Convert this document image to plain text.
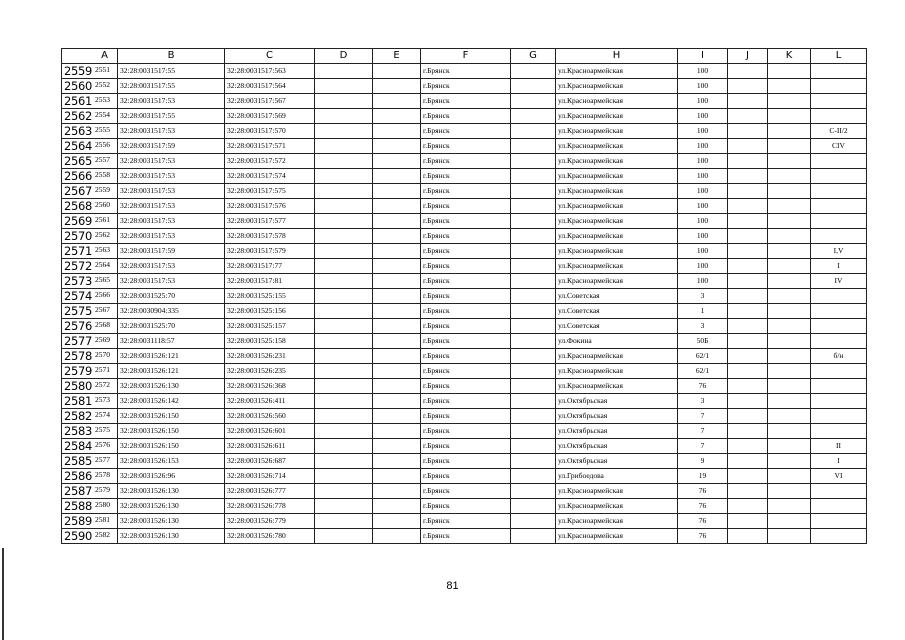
A	B	C	D	E	F	G	H	I	J	K	L
2559 2551	32:28:0031517:55	32:28:0031517:563			г.Брянск		ул.Красноармейская	100			
2560 2552	32:28:0031517:55	32:28:0031517:564			г.Брянск		ул.Красноармейская	100			
2561 2553	32:28:0031517:53	32:28:0031517:567			г.Брянск		ул.Красноармейская	100			
2562 2554	32:28:0031517:55	32:28:0031517:569			г.Брянск		ул.Красноармейская	100			
2563 2555	32:28:0031517:53	32:28:0031517:570			г.Брянск		ул.Красноармейская	100			C-II/2
2564 2556	32:28:0031517:59	32:28:0031517:571			г.Брянск		ул.Красноармейская	100			CIV
2565 2557	32:28:0031517:53	32:28:0031517:572			г.Брянск		ул.Красноармейская	100			
2566 2558	32:28:0031517:53	32:28:0031517:574			г.Брянск		ул.Красноармейская	100			
2567 2559	32:28:0031517:53	32:28:0031517:575			г.Брянск		ул.Красноармейская	100			
2568 2560	32:28:0031517:53	32:28:0031517:576			г.Брянск		ул.Красноармейская	100			
2569 2561	32:28:0031517:53	32:28:0031517:577			г.Брянск		ул.Красноармейская	100			
2570 2562	32:28:0031517:53	32:28:0031517:578			г.Брянск		ул.Красноармейская	100			
2571 2563	32:28:0031517:59	32:28:0031517:579			г.Брянск		ул.Красноармейская	100			I,V
2572 2564	32:28:0031517:53	32:28:0031517:77			г.Брянск		ул.Красноармейская	100			I
2573 2565	32:28:0031517:53	32:28:0031517:81			г.Брянск		ул.Красноармейская	100			IV
2574 2566	32:28:0031525:70	32:28:0031525:155			г.Брянск		ул.Советская	3			
2575 2567	32:28:0030904:335	32:28:0031525:156			г.Брянск		ул.Советская	1			
2576 2568	32:28:0031525:70	32:28:0031525:157			г.Брянск		ул.Советская	3			
2577 2569	32:28:0031118:57	32:28:0031525:158			г.Брянск		ул.Фокина	50Б			
2578 2570	32:28:0031526:121	32:28:0031526:231			г.Брянск		ул.Красноармейская	62/1			б/н
2579 2571	32:28:0031526:121	32:28:0031526:235			г.Брянск		ул.Красноармейская	62/1			
2580 2572	32:28:0031526:130	32:28:0031526:368			г.Брянск		ул.Красноармейская	76			
2581 2573	32:28:0031526:142	32:28:0031526:411			г.Брянск		ул.Октябрьская	3			
2582 2574	32:28:0031526:150	32:28:0031526:560			г.Брянск		ул.Октябрьская	7			
2583 2575	32:28:0031526:150	32:28:0031526:601			г.Брянск		ул.Октябрьская	7			
2584 2576	32:28:0031526:150	32:28:0031526:611			г.Брянск		ул.Октябрьская	7			II
2585 2577	32:28:0031526:153	32:28:0031526:687			г.Брянск		ул.Октябрьская	9			I
2586 2578	32:28:0031526:96	32:28:0031526:714			г.Брянск		ул.Грибоедова	19			VI
2587 2579	32:28:0031526:130	32:28:0031526:777			г.Брянск		ул.Красноармейская	76			
2588 2580	32:28:0031526:130	32:28:0031526:778			г.Брянск		ул.Красноармейская	76			
2589 2581	32:28:0031526:130	32:28:0031526:779			г.Брянск		ул.Красноармейская	76			
2590 2582	32:28:0031526:130	32:28:0031526:780			г.Брянск		ул.Красноармейская	76			
81
